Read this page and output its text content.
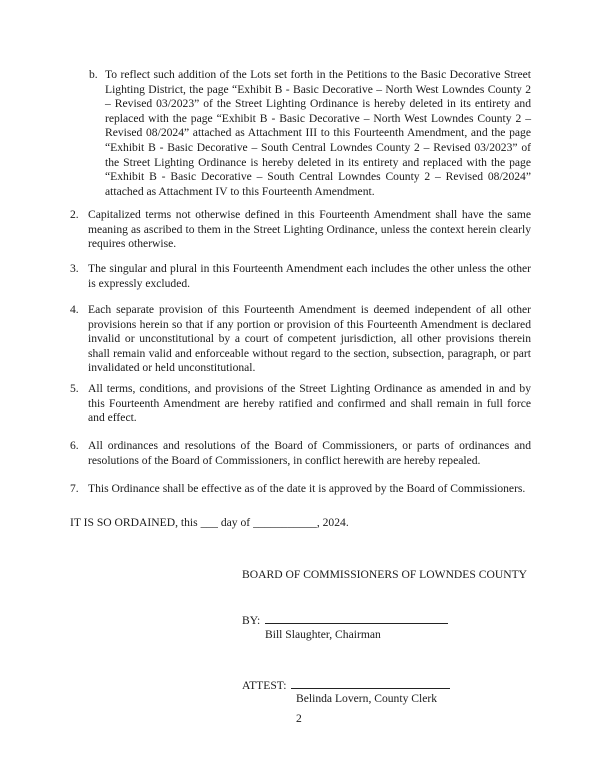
b. To reflect such addition of the Lots set forth in the Petitions to the Basic Decorative Street Lighting District, the page “Exhibit B - Basic Decorative – North West Lowndes County 2 – Revised 03/2023” of the Street Lighting Ordinance is hereby deleted in its entirety and replaced with the page “Exhibit B - Basic Decorative – North West Lowndes County 2 – Revised 08/2024” attached as Attachment III to this Fourteenth Amendment, and the page “Exhibit B - Basic Decorative – South Central Lowndes County 2 – Revised 03/2023” of the Street Lighting Ordinance is hereby deleted in its entirety and replaced with the page “Exhibit B - Basic Decorative – South Central Lowndes County 2 – Revised 08/2024” attached as Attachment IV to this Fourteenth Amendment.
2. Capitalized terms not otherwise defined in this Fourteenth Amendment shall have the same meaning as ascribed to them in the Street Lighting Ordinance, unless the context herein clearly requires otherwise.
3. The singular and plural in this Fourteenth Amendment each includes the other unless the other is expressly excluded.
4. Each separate provision of this Fourteenth Amendment is deemed independent of all other provisions herein so that if any portion or provision of this Fourteenth Amendment is declared invalid or unconstitutional by a court of competent jurisdiction, all other provisions therein shall remain valid and enforceable without regard to the section, subsection, paragraph, or part invalidated or held unconstitutional.
5. All terms, conditions, and provisions of the Street Lighting Ordinance as amended in and by this Fourteenth Amendment are hereby ratified and confirmed and shall remain in full force and effect.
6. All ordinances and resolutions of the Board of Commissioners, or parts of ordinances and resolutions of the Board of Commissioners, in conflict herewith are hereby repealed.
7. This Ordinance shall be effective as of the date it is approved by the Board of Commissioners.
IT IS SO ORDAINED, this ___ day of ___________, 2024.
BOARD OF COMMISSIONERS OF LOWNDES COUNTY
BY:
Bill Slaughter, Chairman
ATTEST:
Belinda Lovern, County Clerk
2
